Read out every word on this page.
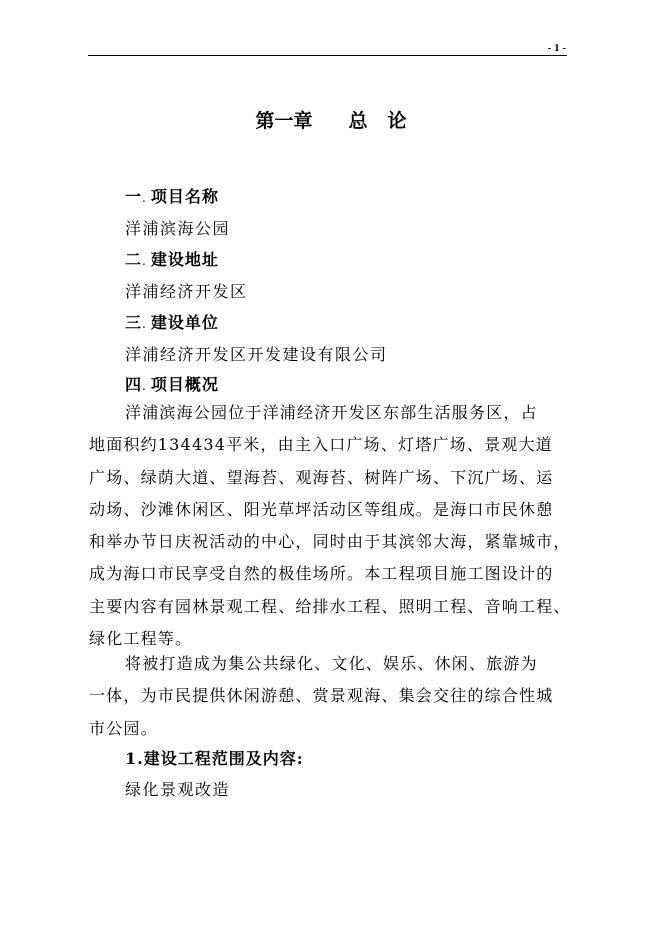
- 1 -
第一章 总 论
一. 项目名称
洋浦滨海公园
二. 建设地址
洋浦经济开发区
三. 建设单位
洋浦经济开发区开发建设有限公司
四. 项目概况
洋浦滨海公园位于洋浦经济开发区东部生活服务区，占
地面积约134434平米，由主入口广场、灯塔广场、景观大道
广场、绿荫大道、望海苔、观海苔、树阵广场、下沉广场、运
动场、沙滩休闲区、阳光草坪活动区等组成。是海口市民休憩
和举办节日庆祝活动的中心，同时由于其滨邻大海，紧靠城市，
成为海口市民享受自然的极佳场所。本工程项目施工图设计的
主要内容有园林景观工程、给排水工程、照明工程、音响工程、
绿化工程等。
将被打造成为集公共绿化、文化、娱乐、休闲、旅游为
一体，为市民提供休闲游憩、赏景观海、集会交往的综合性城
市公园。
1.建设工程范围及内容:
绿化景观改造
